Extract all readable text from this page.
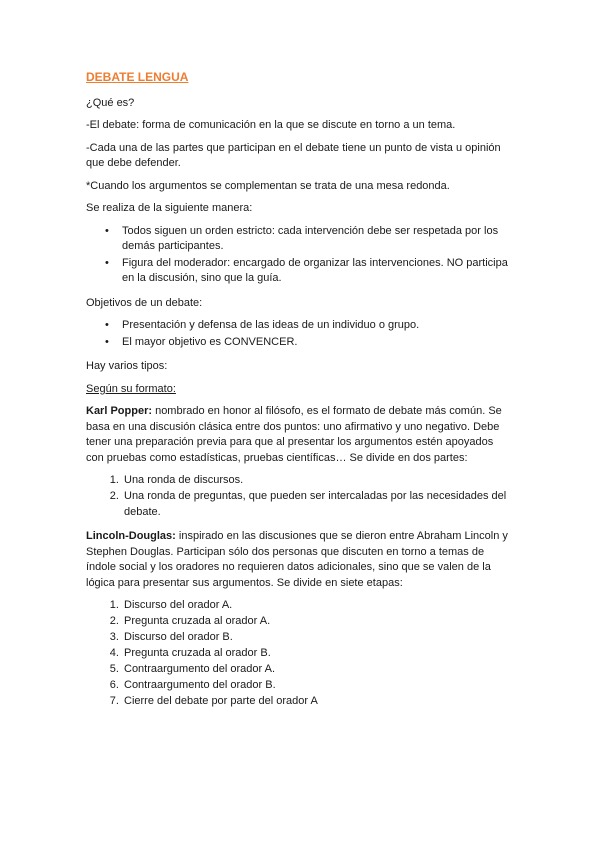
DEBATE LENGUA

¿Qué es?

-El debate: forma de comunicación en la que se discute en torno a un tema.

-Cada una de las partes que participan en el debate tiene un punto de vista u opinión que debe defender.

*Cuando los argumentos se complementan se trata de una mesa redonda.

Se realiza de la siguiente manera:

• Todos siguen un orden estricto: cada intervención debe ser respetada por los demás participantes.
• Figura del moderador: encargado de organizar las intervenciones. NO participa en la discusión, sino que la guía.

Objetivos de un debate:

• Presentación y defensa de las ideas de un individuo o grupo.
• El mayor objetivo es CONVENCER.

Hay varios tipos:

Según su formato:

Karl Popper: nombrado en honor al filósofo, es el formato de debate más común. Se basa en una discusión clásica entre dos puntos: uno afirmativo y uno negativo. Debe tener una preparación previa para que al presentar los argumentos estén apoyados con pruebas como estadísticas, pruebas científicas… Se divide en dos partes:

1. Una ronda de discursos.
2. Una ronda de preguntas, que pueden ser intercaladas por las necesidades del debate.

Lincoln-Douglas: inspirado en las discusiones que se dieron entre Abraham Lincoln y Stephen Douglas. Participan sólo dos personas que discuten en torno a temas de índole social y los oradores no requieren datos adicionales, sino que se valen de la lógica para presentar sus argumentos. Se divide en siete etapas:

1. Discurso del orador A.
2. Pregunta cruzada al orador A.
3. Discurso del orador B.
4. Pregunta cruzada al orador B.
5. Contraargumento del orador A.
6. Contraargumento del orador B.
7. Cierre del debate por parte del orador A
